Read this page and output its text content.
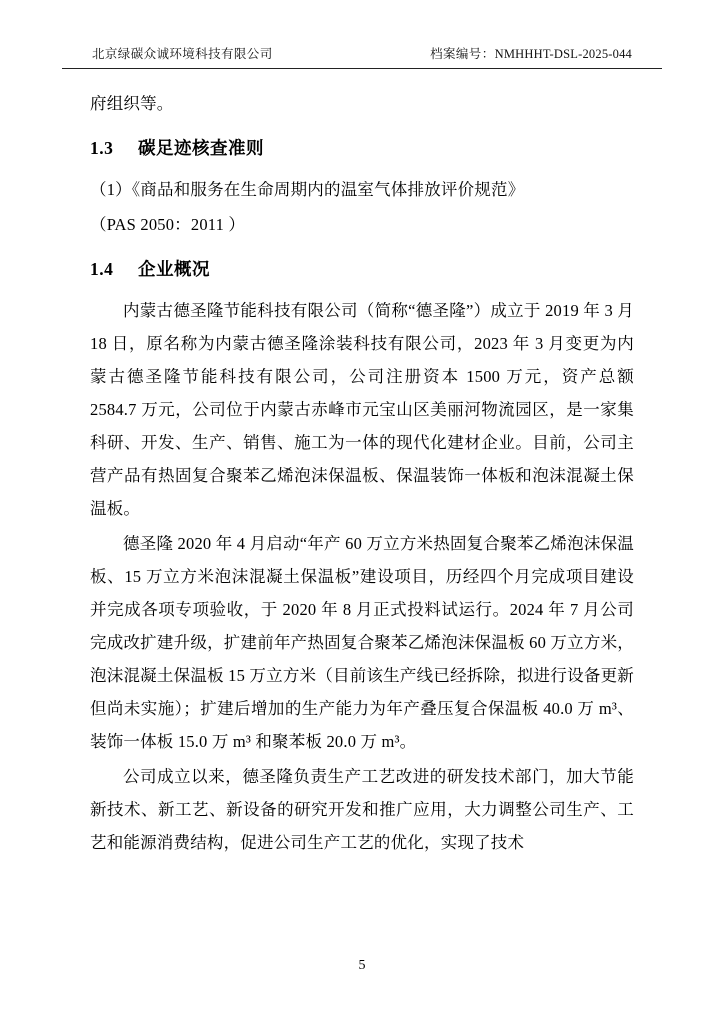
北京绿碳众诚环境科技有限公司	档案编号：NMHHHT-DSL-2025-044

府组织等。

1.3 碳足迹核查准则

（1）《商品和服务在生命周期内的温室气体排放评价规范》

（PAS 2050：2011 ）

1.4 企业概况

内蒙古德圣隆节能科技有限公司（简称“德圣隆”）成立于 2019 年 3 月 18 日，原名称为内蒙古德圣隆涂装科技有限公司，2023 年 3 月变更为内蒙古德圣隆节能科技有限公司，公司注册资本 1500 万元，资产总额 2584.7 万元，公司位于内蒙古赤峰市元宝山区美丽河物流园区，是一家集科研、开发、生产、销售、施工为一体的现代化建材企业。目前，公司主营产品有热固复合聚苯乙烯泡沫保温板、保温装饰一体板和泡沫混凝土保温板。

德圣隆 2020 年 4 月启动“年产 60 万立方米热固复合聚苯乙烯泡沫保温板、15 万立方米泡沫混凝土保温板”建设项目，历经四个月完成项目建设并完成各项专项验收，于 2020 年 8 月正式投料试运行。2024 年 7 月公司完成改扩建升级，扩建前年产热固复合聚苯乙烯泡沫保温板 60 万立方米，泡沫混凝土保温板 15 万立方米（目前该生产线已经拆除，拟进行设备更新但尚未实施）；扩建后增加的生产能力为年产叠压复合保温板 40.0 万 m³、装饰一体板 15.0 万 m³ 和聚苯板 20.0 万 m³。

公司成立以来，德圣隆负责生产工艺改进的研发技术部门，加大节能新技术、新工艺、新设备的研究开发和推广应用，大力调整公司生产、工艺和能源消费结构，促进公司生产工艺的优化，实现了技术

5
